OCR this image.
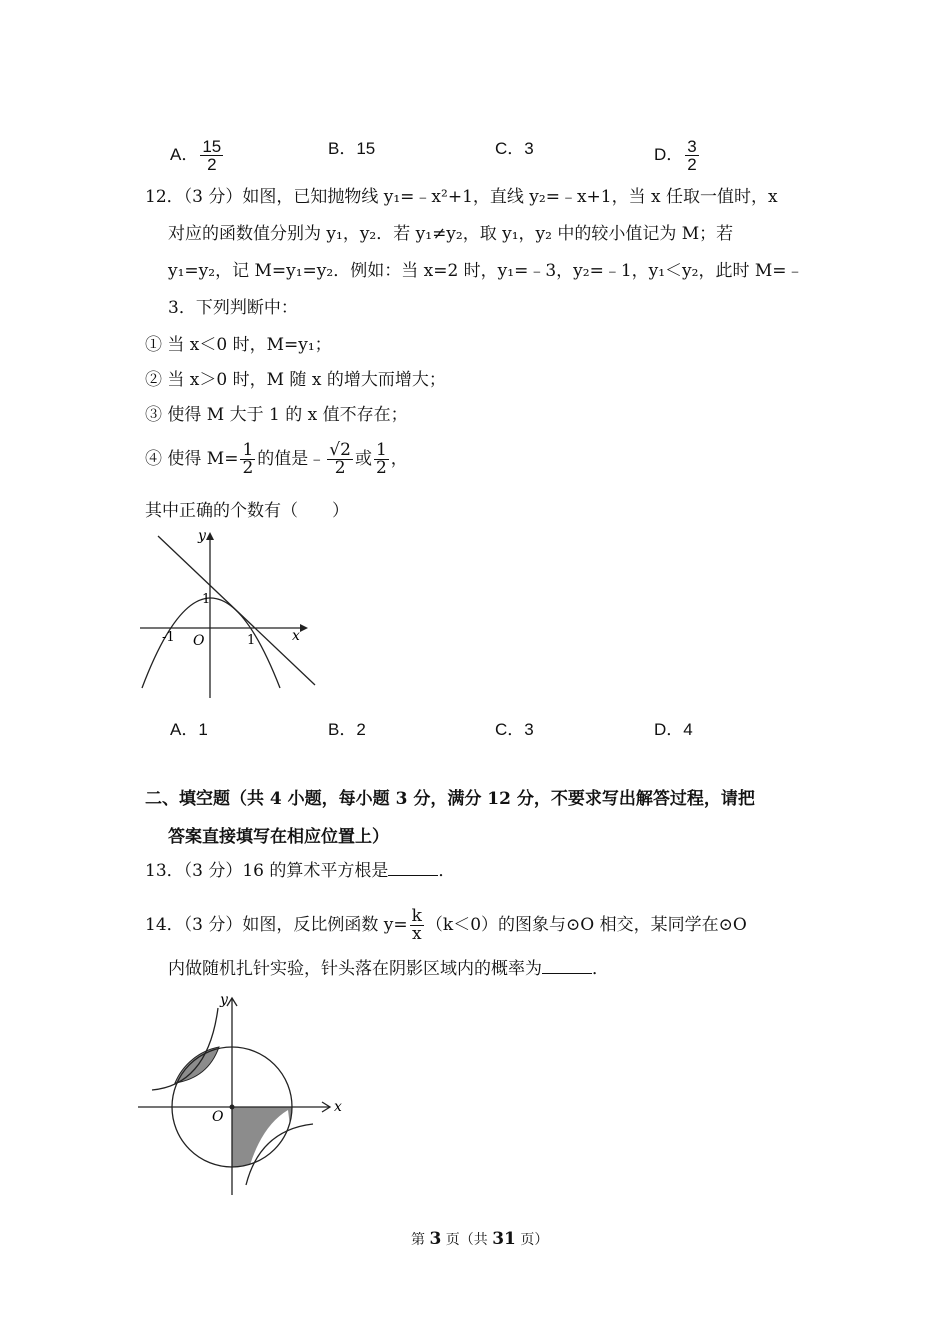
A． $\frac{15}{2}$	B．15	C．3	D． $\frac{3}{2}$
12．（3 分）如图，已知抛物线 y₁=﹣x²+1，直线 y₂=﹣x+1，当 x 任取一值时，x
对应的函数值分别为 y₁，y₂．若 y₁≠y₂，取 y₁，y₂ 中的较小值记为 M；若
y₁=y₂，记 M=y₁=y₂．例如：当 x=2 时，y₁=﹣3，y₂=﹣1，y₁＜y₂，此时 M=﹣
3．下列判断中：
① 当 x＜0 时，M=y₁；
② 当 x＞0 时，M 随 x 的增大而增大；
③ 使得 M 大于 1 的 x 值不存在；
④ 使得 $M= \frac{1}{2}$ 的值是﹣ $\frac{√2}{2}$ 或 $\frac{1}{2}$ ，
其中正确的个数有（　　）
y
x
O
1
1
-1
A．1	B．2	C．3	D．4
二、填空题（共 4 小题，每小题 3 分，满分 12 分，不要求写出解答过程，请把
答案直接填写在相应位置上）
13．（3 分）16 的算术平方根是	．
14．（3 分）如图，反比例函数 $y= \frac{k}{x} (k<0)$的图象与⊙O 相交，某同学在⊙O
内做随机扎针实验，针头落在阴影区域内的概率为	．
y
x
O
第 3 页（共 31 页）
